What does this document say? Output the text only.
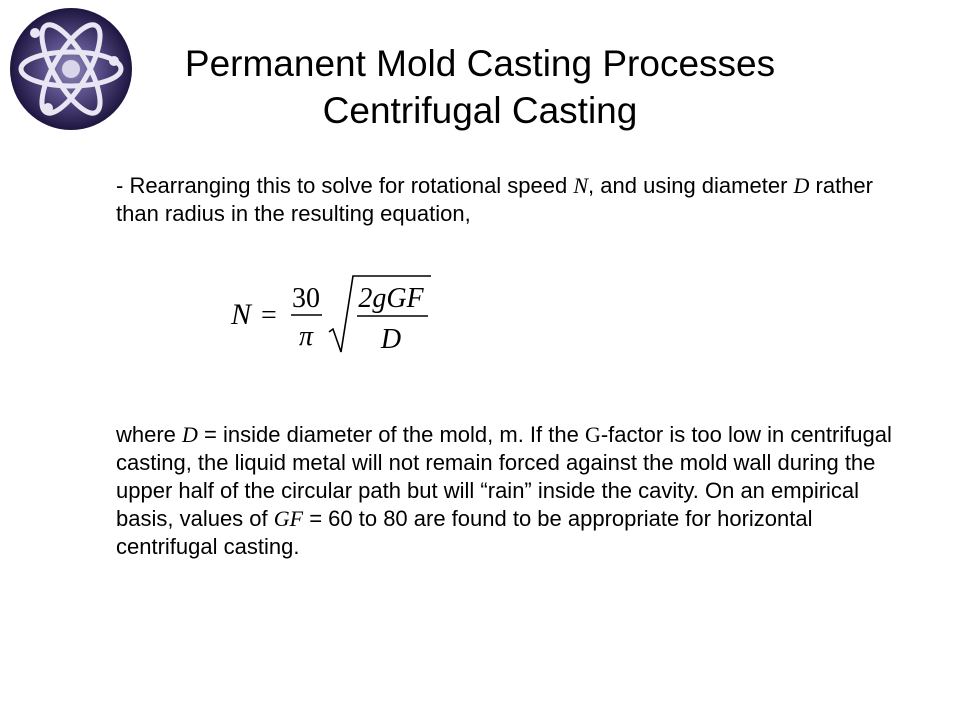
Permanent Mold Casting Processes
Centrifugal Casting
- Rearranging this to solve for rotational speed N, and using diameter D rather than radius in the resulting equation,
N =
30
π
2gGF
D
where D = inside diameter of the mold, m. If the G-factor is too low in centrifugal casting, the liquid metal will not remain forced against the mold wall during the upper half of the circular path but will “rain” inside the cavity. On an empirical basis, values of GF = 60 to 80 are found to be appropriate for horizontal centrifugal casting.
